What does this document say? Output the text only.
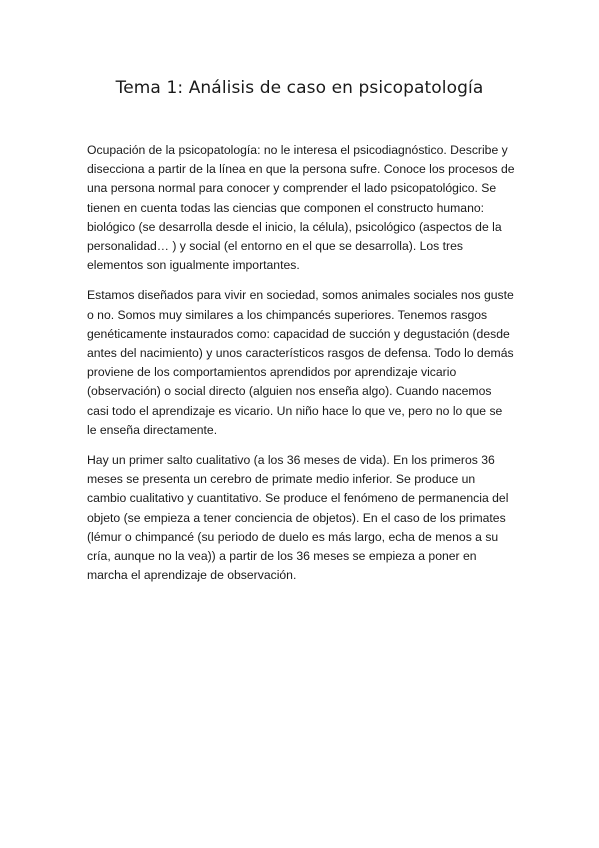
Tema 1: Análisis de caso en psicopatología

Ocupación de la psicopatología: no le interesa el psicodiagnóstico. Describe y disecciona a partir de la línea en que la persona sufre. Conoce los procesos de una persona normal para conocer y comprender el lado psicopatológico. Se tienen en cuenta todas las ciencias que componen el constructo humano: biológico (se desarrolla desde el inicio, la célula), psicológico (aspectos de la personalidad… ) y social (el entorno en el que se desarrolla). Los tres elementos son igualmente importantes.

Estamos diseñados para vivir en sociedad, somos animales sociales nos guste o no. Somos muy similares a los chimpancés superiores. Tenemos rasgos genéticamente instaurados como: capacidad de succión y degustación (desde antes del nacimiento) y unos característicos rasgos de defensa. Todo lo demás proviene de los comportamientos aprendidos por aprendizaje vicario (observación) o social directo (alguien nos enseña algo). Cuando nacemos casi todo el aprendizaje es vicario. Un niño hace lo que ve, pero no lo que se le enseña directamente.

Hay un primer salto cualitativo (a los 36 meses de vida). En los primeros 36 meses se presenta un cerebro de primate medio inferior. Se produce un cambio cualitativo y cuantitativo. Se produce el fenómeno de permanencia del objeto (se empieza a tener conciencia de objetos). En el caso de los primates (lémur o chimpancé (su periodo de duelo es más largo, echa de menos a su cría, aunque no la vea)) a partir de los 36 meses se empieza a poner en marcha el aprendizaje de observación.
